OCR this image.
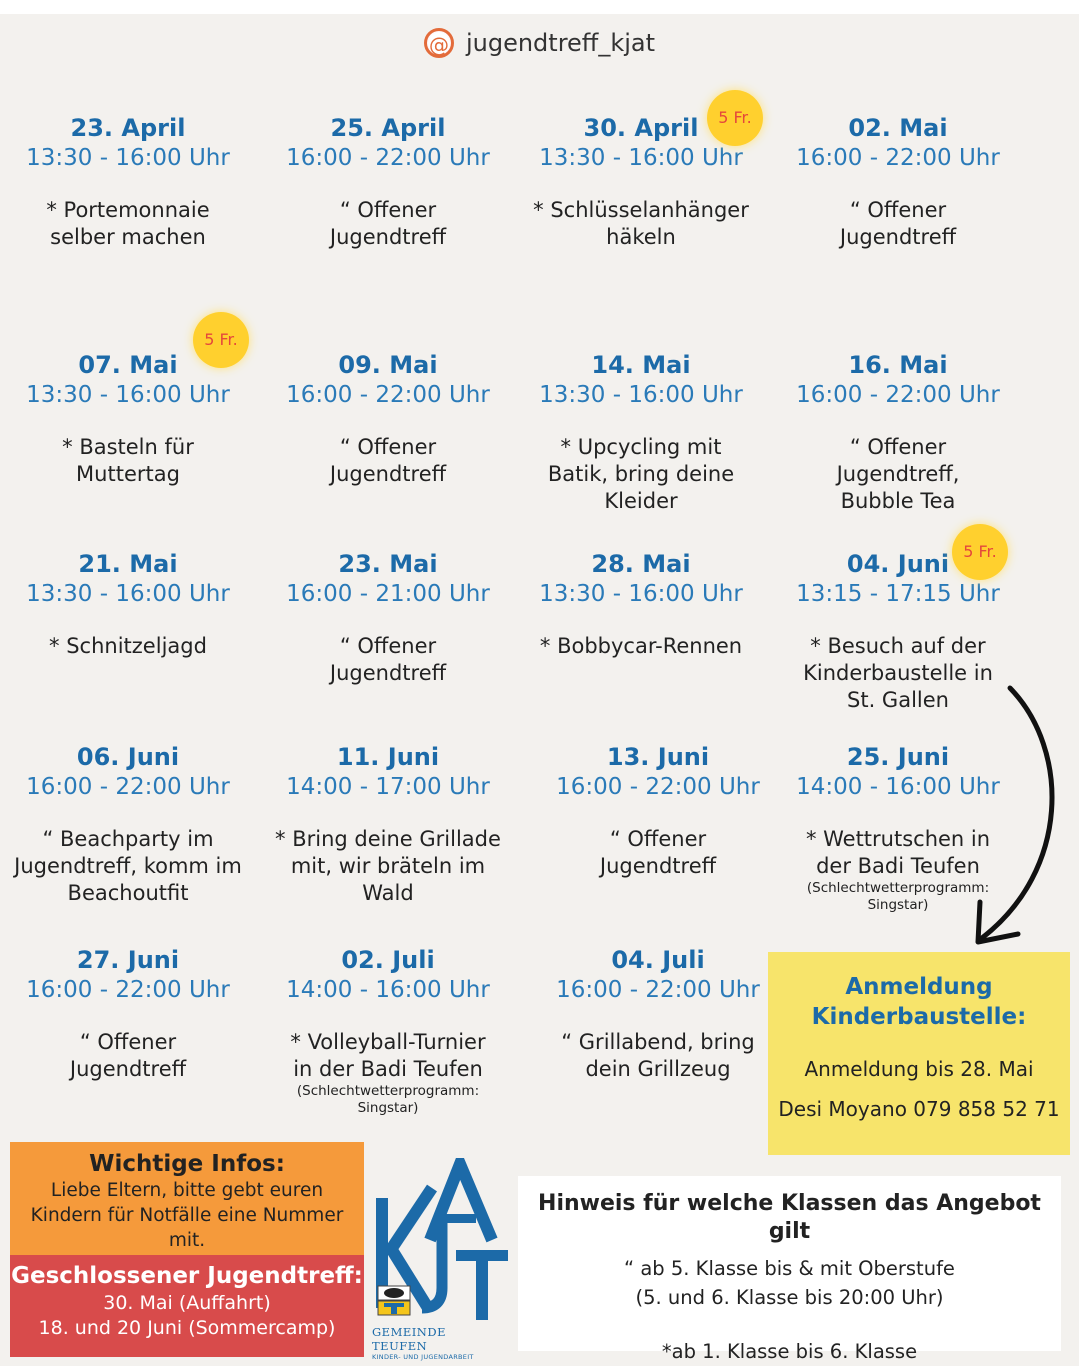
@ jugendtreff_kjat
23. April
13:30 - 16:00 Uhr
* Portemonnaie
selber machen
25. April
16:00 - 22:00 Uhr
“ Offener
Jugendtreff
30. April
13:30 - 16:00 Uhr
* Schlüsselanhänger
häkeln
02. Mai
16:00 - 22:00 Uhr
“ Offener
Jugendtreff
07. Mai
13:30 - 16:00 Uhr
* Basteln für
Muttertag
09. Mai
16:00 - 22:00 Uhr
“ Offener
Jugendtreff
14. Mai
13:30 - 16:00 Uhr
* Upcycling mit
Batik, bring deine
Kleider
16. Mai
16:00 - 22:00 Uhr
“ Offener
Jugendtreff,
Bubble Tea
21. Mai
13:30 - 16:00 Uhr
* Schnitzeljagd
23. Mai
16:00 - 21:00 Uhr
“ Offener
Jugendtreff
28. Mai
13:30 - 16:00 Uhr
* Bobbycar-Rennen
04. Juni
13:15 - 17:15 Uhr
* Besuch auf der
Kinderbaustelle in
St. Gallen
06. Juni
16:00 - 22:00 Uhr
“ Beachparty im
Jugendtreff, komm im
Beachoutfit
11. Juni
14:00 - 17:00 Uhr
* Bring deine Grillade
mit, wir bräteln im
Wald
13. Juni
16:00 - 22:00 Uhr
“ Offener
Jugendtreff
25. Juni
14:00 - 16:00 Uhr
* Wettrutschen in
der Badi Teufen
(Schlechtwetterprogramm:
Singstar)
27. Juni
16:00 - 22:00 Uhr
“ Offener
Jugendtreff
02. Juli
14:00 - 16:00 Uhr
* Volleyball-Turnier
in der Badi Teufen
(Schlechtwetterprogramm:
Singstar)
04. Juli
16:00 - 22:00 Uhr
“ Grillabend, bring
dein Grillzeug
5 Fr.
5 Fr.
5 Fr.
Anmeldung
Kinderbaustelle:
Anmeldung bis 28. Mai
Desi Moyano 079 858 52 71
Wichtige Infos:
Liebe Eltern, bitte gebt euren
Kindern für Notfälle eine Nummer
mit.
Geschlossener Jugendtreff:
30. Mai (Auffahrt)
18. und 20 Juni (Sommercamp)	GEMEINDE TEUFEN
KINDER- UND JUGENDARBEIT
Hinweis für welche Klassen das Angebot gilt
“ ab 5. Klasse bis & mit Oberstufe
(5. und 6. Klasse bis 20:00 Uhr)
*ab 1. Klasse bis 6. Klasse
